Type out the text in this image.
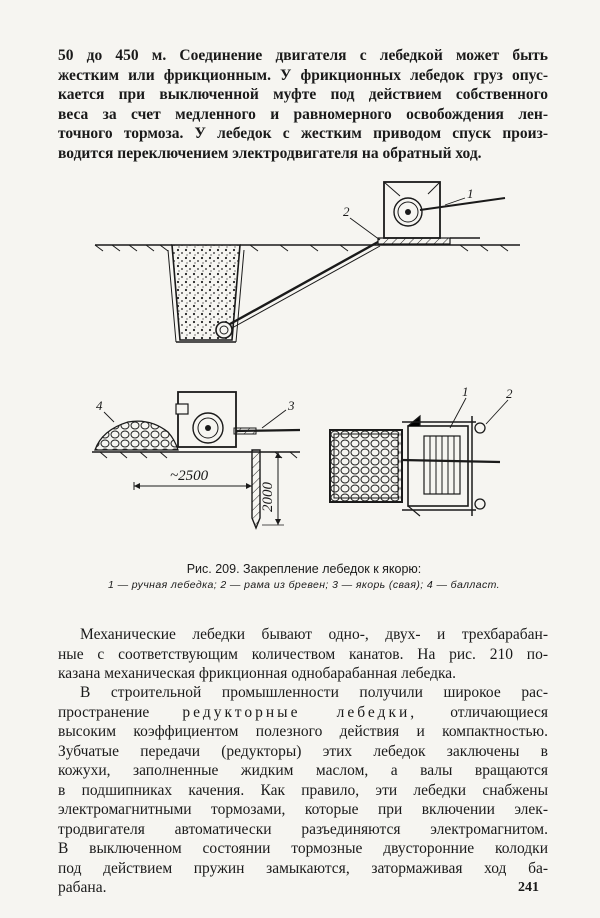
50 до 450 м. Соединение двигателя с лебедкой может быть
жестким или фрикционным. У фрикционных лебедок груз опус-
кается при выключенной муфте под действием собственного
веса за счет медленного и равномерного освобождения лен-
точного тормоза. У лебедок с жестким приводом спуск произ-
водится переключением электродвигателя на обратный ход.
1
2
4	3
~2500
2000
1	2
Рис. 209. Закрепление лебедок к якорю:
1 — ручная лебедка; 2 — рама из бревен; 3 — якорь (свая); 4 — балласт.
Механические лебедки бывают одно-, двух- и трехбарабан-
ные с соответствующим количеством канатов. На рис. 210 по-
казана механическая фрикционная однобарабанная лебедка.
В строительной промышленности получили широкое рас-
пространение редукторные лебедки, отличающиеся
высоким коэффициентом полезного действия и компактностью.
Зубчатые передачи (редукторы) этих лебедок заключены в
кожухи, заполненные жидким маслом, а валы вращаются
в подшипниках качения. Как правило, эти лебедки снабжены
электромагнитными тормозами, которые при включении элек-
тродвигателя автоматически разъединяются электромагнитом.
В выключенном состоянии тормозные двусторонние колодки
под действием пружин замыкаются, затормаживая ход ба-
рабана.	241
